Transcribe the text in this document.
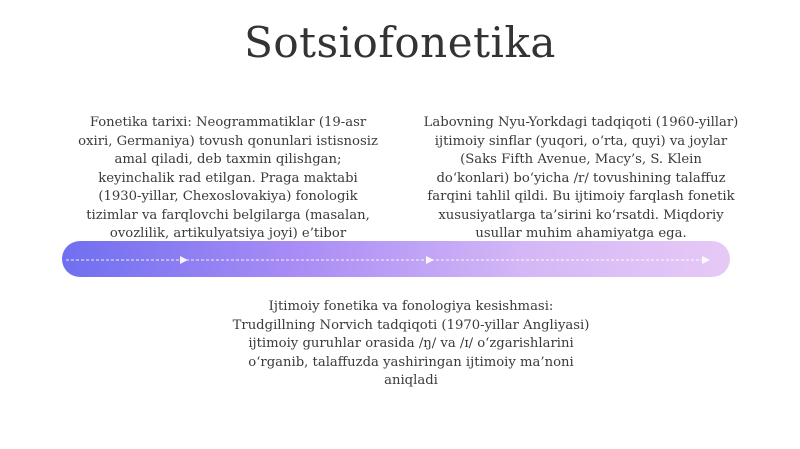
Sotsiofonetika
Fonetika tarixi: Neogrammatiklar (19-asr oxiri, Germaniya) tovush qonunlari istisnosiz amal qiladi, deb taxmin qilishgan; keyinchalik rad etilgan. Praga maktabi (1930-yillar, Chexoslovakiya) fonologik tizimlar va farqlovchi belgilarga (masalan, ovozlilik, artikulyatsiya joyi) e’tibor
Labovning Nyu-Yorkdagi tadqiqoti (1960-yillar) ijtimoiy sinflar (yuqori, o‘rta, quyi) va joylar (Saks Fifth Avenue, Macy’s, S. Klein do‘konlari) bo‘yicha /r/ tovushining talaffuz farqini tahlil qildi. Bu ijtimoiy farqlash fonetik xususiyatlarga ta’sirini ko‘rsatdi. Miqdoriy usullar muhim ahamiyatga ega.
Ijtimoiy fonetika va fonologiya kesishmasi: Trudgillning Norvich tadqiqoti (1970-yillar Angliyasi) ijtimoiy guruhlar orasida /ŋ/ va /ɪ/ o‘zgarishlarini o‘rganib, talaffuzda yashiringan ijtimoiy ma’noni aniqladi
